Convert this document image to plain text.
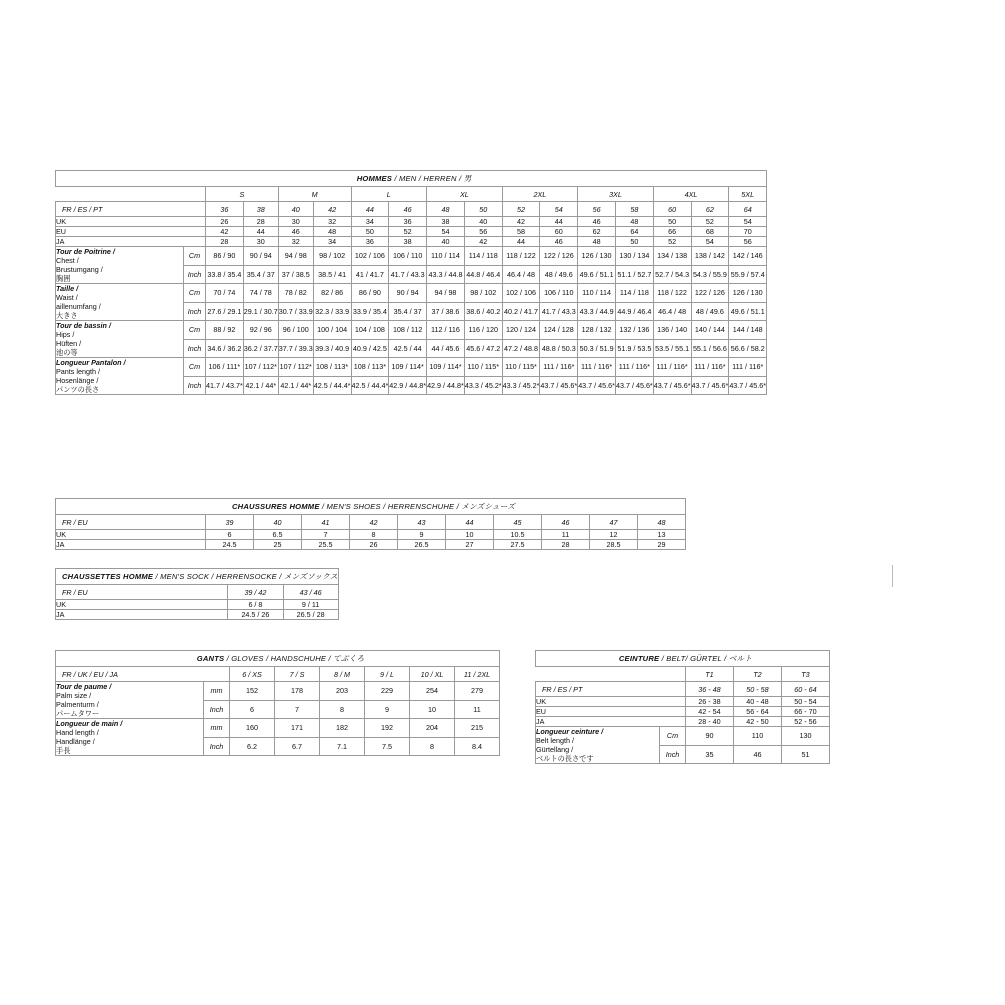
HOMMES / MEN / HERREN / 男																
		S		M		L		XL		2XL		3XL		4XL		5XL
FR / ES / PT		36	38	40	42	44	46	48	50	52	54	56	58	60	62	64
UK		26	28	30	32	34	36	38	40	42	44	46	48	50	52	54
EU		42	44	46	48	50	52	54	56	58	60	62	64	66	68	70
JA		28	30	32	34	36	38	40	42	44	46	48	50	52	54	56

Tour de Poitrine /
Chest /
Brustumgang /
胸囲	Cm	86 / 90	90 / 94	94 / 98	98 / 102	102 / 106	106 / 110	110 / 114	114 / 118	118 / 122	122 / 126	126 / 130	130 / 134	134 / 138	138 / 142	142 / 146
	Inch	33.8 / 35.4	35.4 / 37	37 / 38.5	38.5 / 41	41 / 41.7	41.7 / 43.3	43.3 / 44.8	44.8 / 46.4	46.4 / 48	48 / 49.6	49.6 / 51.1	51.1 / 52.7	52.7 / 54.3	54.3 / 55.9	55.9 / 57.4

Taille /
Waist /
aillenumfang /
大きさ	Cm	70 / 74	74 / 78	78 / 82	82 / 86	86 / 90	90 / 94	94 / 98	98 / 102	102 / 106	106 / 110	110 / 114	114 / 118	118 / 122	122 / 126	126 / 130
	Inch	27.6 / 29.1	29.1 / 30.7	30.7 / 33.9	32.3 / 33.9	33.9 / 35.4	35.4 / 37	37 / 38.6	38.6 / 40.2	40.2 / 41.7	41.7 / 43.3	43.3 / 44.9	44.9 / 46.4	46.4 / 48	48 / 49.6	49.6 / 51.1

Tour de bassin /
Hips /
Hüften /
池の等	Cm	88 / 92	92 / 96	96 / 100	100 / 104	104 / 108	108 / 112	112 / 116	116 / 120	120 / 124	124 / 128	128 / 132	132 / 136	136 / 140	140 / 144	144 / 148
	Inch	34.6 / 36.2	36.2 / 37.7	37.7 / 39.3	39.3 / 40.9	40.9 / 42.5	42.5 / 44	44 / 45.6	45.6 / 47.2	47.2 / 48.8	48.8 / 50.3	50.3 / 51.9	51.9 / 53.5	53.5 / 55.1	55.1 / 56.6	56.6 / 58.2

Longueur Pantalon /
Pants length /
Hosenlänge /
パンツの長さ	Cm	106 / 111*	107 / 112*	107 / 112*	108 / 113*	108 / 113*	109 / 114*	109 / 114*	110 / 115*	110 / 115*	111 / 116*	111 / 116*	111 / 116*	111 / 116*	111 / 116*	111 / 116*
	Inch	41.7 / 43.7*	42.1 / 44*	42.1 / 44*	42.5 / 44.4*	42.5 / 44.4*	42.9 / 44.8*	42.9 / 44.8*	43.3 / 45.2*	43.3 / 45.2*	43.7 / 45.6*	43.7 / 45.6*	43.7 / 45.6*	43.7 / 45.6*	43.7 / 45.6*	43.7 / 45.6*
CHAUSSURES HOMME / MEN'S SHOES / HERRENSCHUHE / メンズシューズ										
FR / EU	39	40	41	42	43	44	45	46	47	48
UK	6	6.5	7	8	9	10	10.5	11	12	13
JA	24.5	25	25.5	26	26.5	27	27.5	28	28.5	29
CHAUSSETTES HOMME / MEN'S SOCK / HERRENSOCKE / メンズソックス		
FR / EU	39 / 42	43 / 46
UK	6 / 8	9 / 11
JA	24.5 / 26	26.5 / 28
GANTS / GLOVES / HANDSCHUHE / てぶくろ							
FR / UK / EU / JA		6 / XS	7 / S	8 / M	9 / L	10 / XL	11 / 2XL

Tour de paume /
Palm size /
Palmenturm /
パームタワー	mm	152	178	203	229	254	279
	Inch	6	7	8	9	10	11

Longueur de main /
Hand length /
Handlänge /
手長	mm	160	171	182	192	204	215
	Inch	6.2	6.7	7.1	7.5	8	8.4
CEINTURE / BELT/ GÜRTEL / ベルト				
		T1	T2	T3
FR / ES / PT		36 - 48	50 - 58	60 - 64
UK		26 - 38	40 - 48	50 - 54
EU		42 - 54	56 - 64	66 - 70
JA		28 - 40	42 - 50	52 - 56

Longueur ceinture /
Belt length /
Gürtellang /
ベルトの長さです	Cm	90	110	130
	Inch	35	46	51
